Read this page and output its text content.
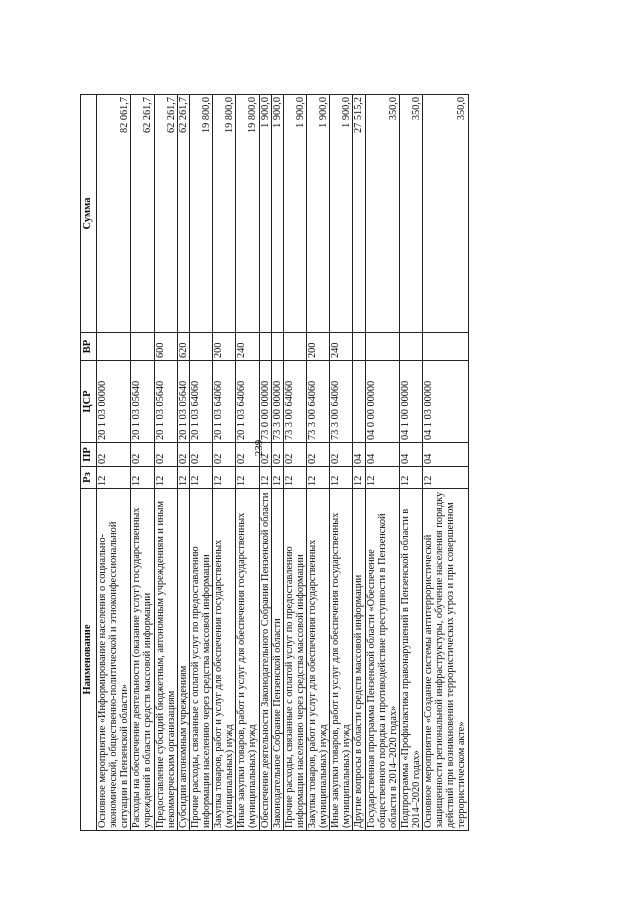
239
Наименование	Рз	ПР	ЦСР	ВР	Сумма
Основное мероприятие «Информирование населения о социально-экономической, общественно-политической и этноконфессиональной ситуации в Пензенской области»	12	02	20 1 03 00000		82 061,7
Расходы на обеспечение деятельности (оказание услуг) государственных учреждений в области средств массовой информации	12	02	20 1 03 05640		62 261,7
Предоставление субсидий бюджетным, автономным учреждениям и иным некоммерческим организациям	12	02	20 1 03 05640	600	62 261,7
Субсидии автономным учреждениям	12	02	20 1 03 05640	620	62 261,7
Прочие расходы, связанные с оплатой услуг по предоставлению информации населению через средства массовой информации	12	02	20 1 03 64060		19 800,0
Закупка товаров, работ и услуг для обеспечения государственных (муниципальных) нужд	12	02	20 1 03 64060	200	19 800,0
Иные закупки товаров, работ и услуг для обеспечения государственных (муниципальных) нужд	12	02	20 1 03 64060	240	19 800,0
Обеспечение деятельности Законодательного Собрания Пензенской области	12	02	73 0 00 00000		1 900,0
Законодательное Собрание Пензенской области	12	02	73 3 00 00000		1 900,0
Прочие расходы, связанные с оплатой услуг по предоставлению информации населению через средства массовой информации	12	02	73 3 00 64060		1 900,0
Закупка товаров, работ и услуг для обеспечения государственных (муниципальных) нужд	12	02	73 3 00 64060	200	1 900,0
Иные закупки товаров, работ и услуг для обеспечения государственных (муниципальных) нужд	12	02	73 3 00 64060	240	1 900,0
Другие вопросы в области средств массовой информации	12	04			27 515,2
Государственная программа Пензенской области «Обеспечение общественного порядка и противодействие преступности в Пензенской области в 2014–2020 годах»	12	04	04 0 00 00000		350,0
Подпрограмма «Профилактика правонарушений в Пензенской области в 2014–2020 годах»	12	04	04 1 00 00000		350,0
Основное мероприятие «Создание системы антитеррористической защищенности региональной инфраструктуры, обучение населения порядку действий при возникновении террористических угроз и при совершенном террористическом акте»	12	04	04 1 03 00000		350,0
